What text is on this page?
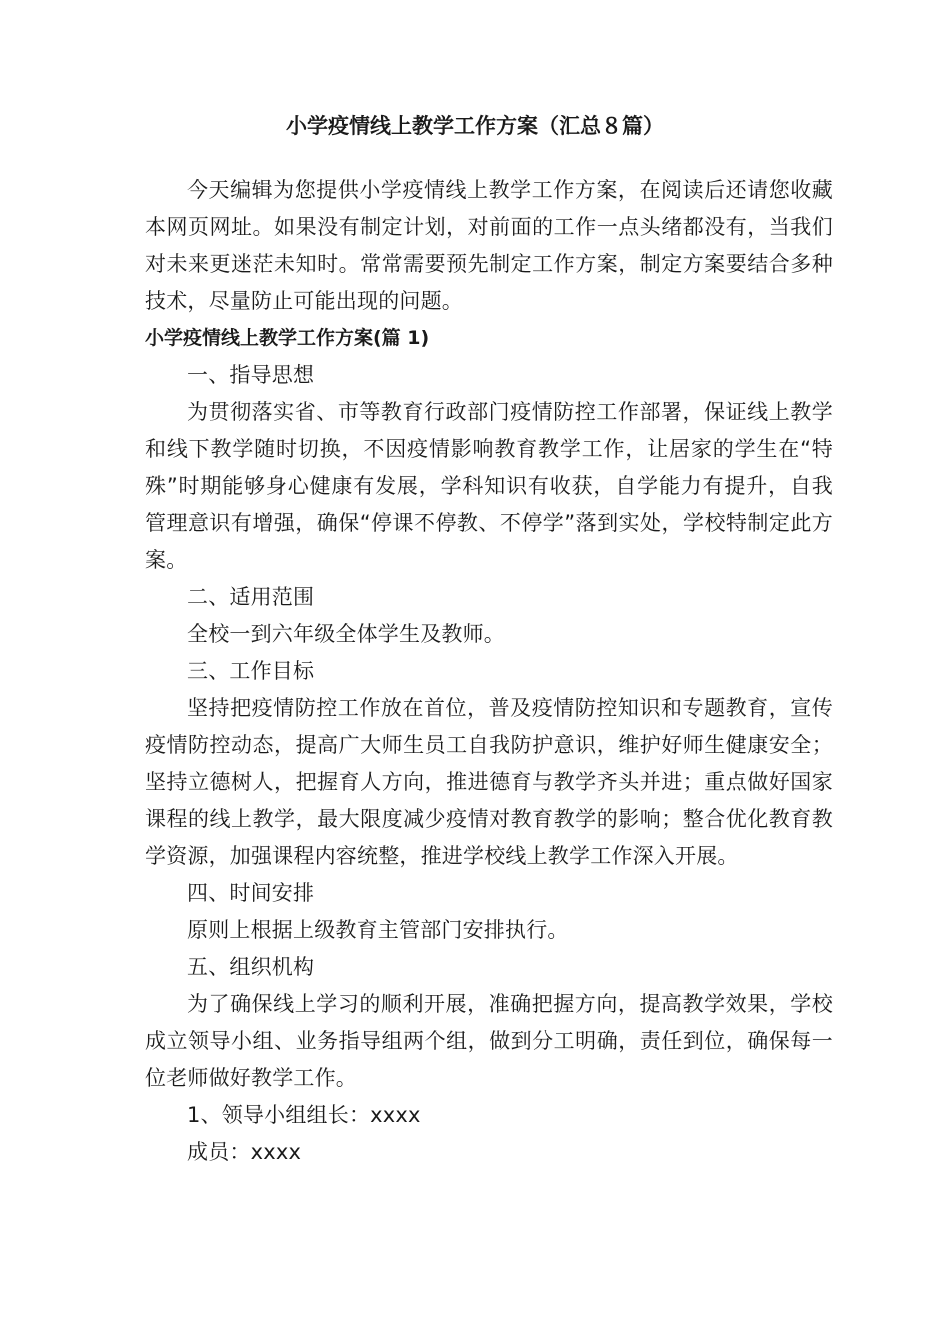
小学疫情线上教学工作方案（汇总８篇）

今天编辑为您提供小学疫情线上教学工作方案，在阅读后还请您收藏本网页网址。如果没有制定计划，对前面的工作一点头绪都没有，当我们对未来更迷茫未知时。常常需要预先制定工作方案，制定方案要结合多种技术，尽量防止可能出现的问题。

小学疫情线上教学工作方案(篇 1)

一、指导思想

为贯彻落实省、市等教育行政部门疫情防控工作部署，保证线上教学和线下教学随时切换，不因疫情影响教育教学工作，让居家的学生在“特殊”时期能够身心健康有发展，学科知识有收获，自学能力有提升，自我管理意识有增强，确保“停课不停教、不停学”落到实处，学校特制定此方案。

二、适用范围

全校一到六年级全体学生及教师。

三、工作目标

坚持把疫情防控工作放在首位，普及疫情防控知识和专题教育，宣传疫情防控动态，提高广大师生员工自我防护意识，维护好师生健康安全；坚持立德树人，把握育人方向，推进德育与教学齐头并进；重点做好国家课程的线上教学，最大限度减少疫情对教育教学的影响；整合优化教育教学资源，加强课程内容统整，推进学校线上教学工作深入开展。

四、时间安排

原则上根据上级教育主管部门安排执行。

五、组织机构

为了确保线上学习的顺利开展，准确把握方向，提高教学效果，学校成立领导小组、业务指导组两个组，做到分工明确，责任到位，确保每一位老师做好教学工作。

1、领导小组组长：xxxx

成员：xxxx
